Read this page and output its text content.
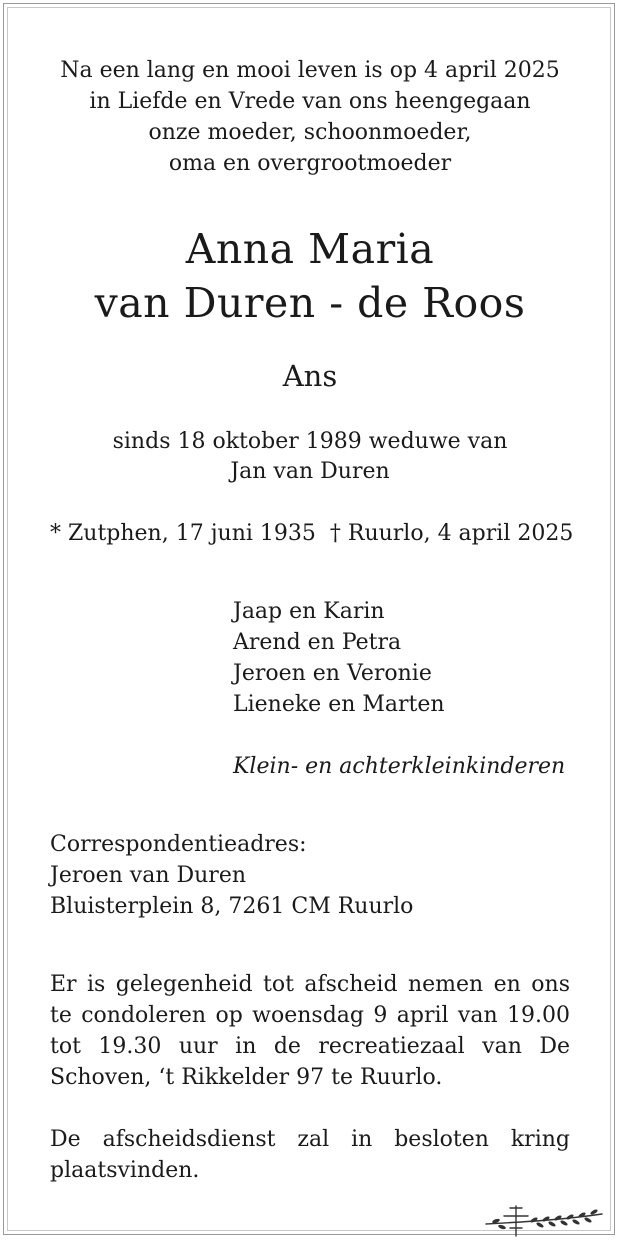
Na een lang en mooi leven is op 4 april 2025
in Liefde en Vrede van ons heengegaan
onze moeder, schoonmoeder,
oma en overgrootmoeder
Anna Maria
van Duren - de Roos
Ans
sinds 18 oktober 1989 weduwe van
Jan van Duren
* Zutphen, 17 juni 1935 † Ruurlo, 4 april 2025
Jaap en Karin
Arend en Petra
Jeroen en Veronie
Lieneke en Marten
Klein- en achterkleinkinderen
Correspondentieadres:
Jeroen van Duren
Bluisterplein 8, 7261 CM Ruurlo
Er is gelegenheid tot afscheid nemen en ons te condoleren op woensdag 9 april van 19.00 tot 19.30 uur in de recreatiezaal van De Schoven, ‘t Rikkelder 97 te Ruurlo.
De afscheidsdienst zal in besloten kring plaatsvinden.
